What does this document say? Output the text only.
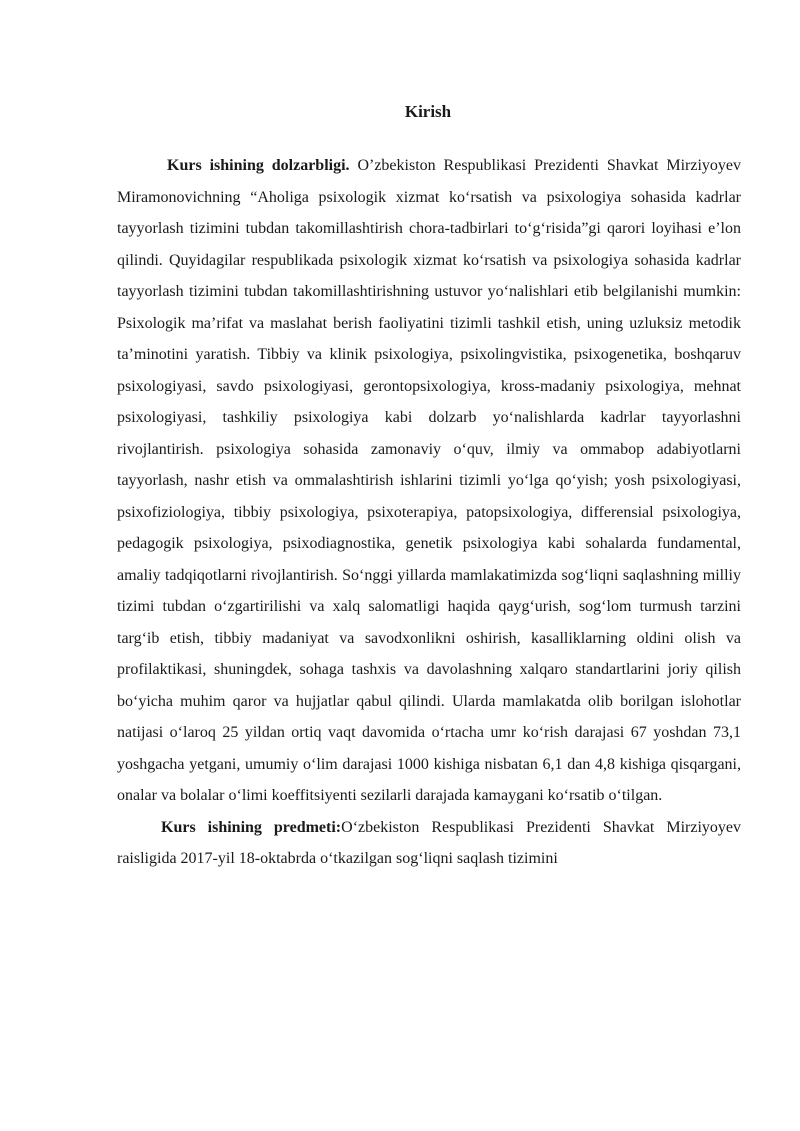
Kirish

Kurs ishining dolzarbligi. O’zbekiston Respublikasi Prezidenti Shavkat Mirziyoyev Miramonovichning “Aholiga psixologik xizmat ko‘rsatish va psixologiya sohasida kadrlar tayyorlash tizimini tubdan takomillashtirish chora-tadbirlari to‘g‘risida”gi qarori loyihasi e’lon qilindi. Quyidagilar respublikada psixologik xizmat ko‘rsatish va psixologiya sohasida kadrlar tayyorlash tizimini tubdan takomillashtirishning ustuvor yo‘nalishlari etib belgilanishi mumkin: Psixologik ma’rifat va maslahat berish faoliyatini tizimli tashkil etish, uning uzluksiz metodik ta’minotini yaratish. Tibbiy va klinik psixologiya, psixolingvistika, psixogenetika, boshqaruv psixologiyasi, savdo psixologiyasi, gerontopsixologiya, kross-madaniy psixologiya, mehnat psixologiyasi, tashkiliy psixologiya kabi dolzarb yo‘nalishlarda kadrlar tayyorlashni rivojlantirish. psixologiya sohasida zamonaviy o‘quv, ilmiy va ommabop adabiyotlarni tayyorlash, nashr etish va ommalashtirish ishlarini tizimli yo‘lga qo‘yish; yosh psixologiyasi, psixofiziologiya, tibbiy psixologiya, psixoterapiya, patopsixologiya, differensial psixologiya, pedagogik psixologiya, psixodiagnostika, genetik psixologiya kabi sohalarda fundamental, amaliy tadqiqotlarni rivojlantirish. So‘nggi yillarda mamlakatimizda sog‘liqni saqlashning milliy tizimi tubdan o‘zgartirilishi va xalq salomatligi haqida qayg‘urish, sog‘lom turmush tarzini targ‘ib etish, tibbiy madaniyat va savodxonlikni oshirish, kasalliklarning oldini olish va profilaktikasi, shuningdek, sohaga tashxis va davolashning xalqaro standartlarini joriy qilish bo‘yicha muhim qaror va hujjatlar qabul qilindi. Ularda mamlakatda olib borilgan islohotlar natijasi o‘laroq 25 yildan ortiq vaqt davomida o‘rtacha umr ko‘rish darajasi 67 yoshdan 73,1 yoshgacha yetgani, umumiy o‘lim darajasi 1000 kishiga nisbatan 6,1 dan 4,8 kishiga qisqargani, onalar va bolalar o‘limi koeffitsiyenti sezilarli darajada kamaygani ko‘rsatib o‘tilgan.

Kurs ishining predmeti:O‘zbekiston Respublikasi Prezidenti Shavkat Mirziyoyev raisligida 2017-yil 18-oktabrda o‘tkazilgan sog‘liqni saqlash tizimini
